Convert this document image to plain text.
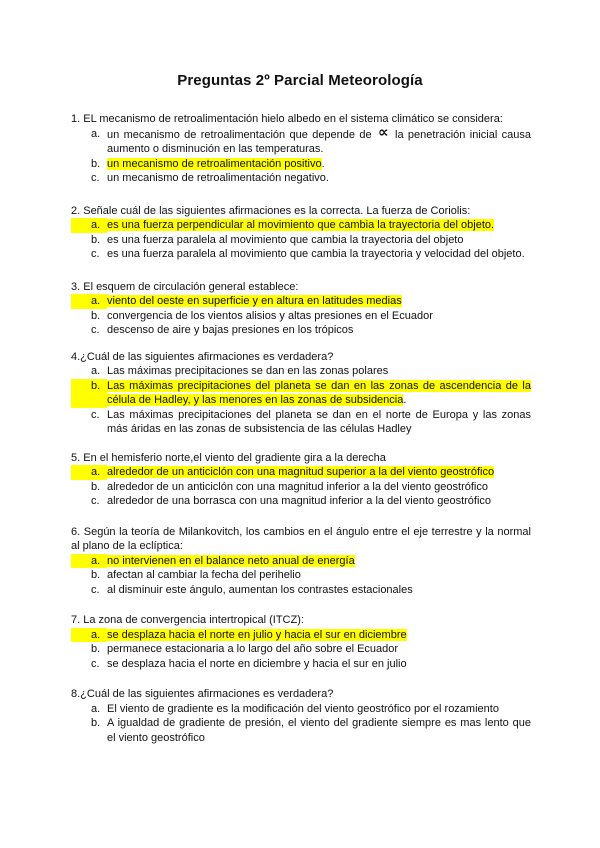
Preguntas 2º Parcial Meteorología
1. EL mecanismo de retroalimentación hielo albedo en el sistema climático se considera:
a. un mecanismo de retroalimentación que depende de ∝ la penetración inicial causa aumento o disminución en las temperaturas.
b. un mecanismo de retroalimentación positivo.
c. un mecanismo de retroalimentación negativo.
2. Señale cuál de las siguientes afirmaciones es la correcta. La fuerza de Coriolis:
a. es una fuerza perpendicular al movimiento que cambia la trayectoria del objeto.
b. es una fuerza paralela al movimiento que cambia la trayectoria del objeto
c. es una fuerza paralela al movimiento que cambia la trayectoria y velocidad del objeto.
3. El esquem de circulación general establece:
a. viento del oeste en superficie y en altura en latitudes medias
b. convergencia de los vientos alisios y altas presiones en el Ecuador
c. descenso de aire y bajas presiones en los trópicos
4.¿Cuál de las siguientes afirmaciones es verdadera?
a. Las máximas precipitaciones se dan en las zonas polares
b. Las máximas precipitaciones del planeta se dan en las zonas de ascendencia de la célula de Hadley, y las menores en las zonas de subsidencia.
c. Las máximas precipitaciones del planeta se dan en el norte de Europa y las zonas más áridas en las zonas de subsistencia de las células Hadley
5. En el hemisferio norte,el viento del gradiente gira a la derecha
a. alrededor de un anticiclón con una magnitud superior a la del viento geostrófico
b. alrededor de un anticiclón con una magnitud inferior a la del viento geostrófico
c. alrededor de una borrasca con una magnitud inferior a la del viento geostrófico
6. Según la teoría de Milankovitch, los cambios en el ángulo entre el eje terrestre y la normal al plano de la eclíptica:
a. no intervienen en el balance neto anual de energía
b. afectan al cambiar la fecha del perihelio
c. al disminuir este ángulo, aumentan los contrastes estacionales
7. La zona de convergencia intertropical (ITCZ):
a. se desplaza hacia el norte en julio y hacia el sur en diciembre
b. permanece estacionaria a lo largo del año sobre el Ecuador
c. se desplaza hacia el norte en diciembre y hacia el sur en julio
8.¿Cuál de las siguientes afirmaciones es verdadera?
a. El viento de gradiente es la modificación del viento geostrófico por el rozamiento
b. A igualdad de gradiente de presión, el viento del gradiente siempre es mas lento que el viento geostrófico
